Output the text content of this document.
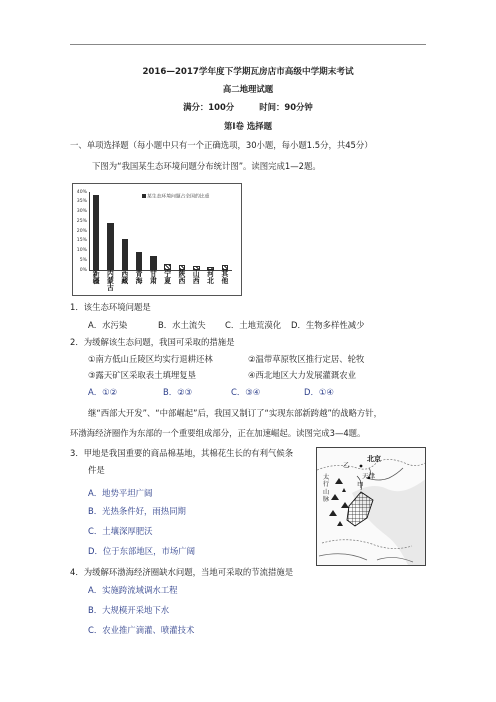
2016—2017学年度下学期瓦房店市高级中学期末考试
高二地理试题
满分：100分　　　时间：90分钟
第Ⅰ卷 选择题
一、单项选择题（每小题中只有一个正确选项，30小题，每小题1.5分，共45分）
下图为“我国某生态环境问题分布统计图”。读图完成1—2题。
40%
35%
30%
25%
20%
15%
10%
5%
0% 新
疆
内
蒙
古
西
藏
青
海
甘
肃
宁
夏
陕
西
山
西
河
北
其
他
某生态环境问题占全国的比重
1．该生态环境问题是
A．水污染	B．水土流失 C．土地荒漠化 D．生物多样性减少
2．为缓解该生态问题，我国可采取的措施是
①南方低山丘陵区均实行退耕还林	②温带草原牧区推行定居、轮牧
③露天矿区采取表土填埋复垦	④西北地区大力发展灌溉农业
A．①②	B．②③	C．③④	D．①④
继“西部大开发”、“中部崛起”后，我国又制订了“实现东部新跨越”的战略方针，
环渤海经济圈作为东部的一个重要组成部分，正在加速崛起。读图完成3—4题。
3．甲地是我国重要的商品棉基地，其棉花生长的有利气候条
件是
A．地势平坦广阔
B．光热条件好，雨热同期
C．土壤深厚肥沃
D．位于东部地区，市场广阔
4．为缓解环渤海经济圈缺水问题，当地可采取的节流措施是
A．实施跨流域调水工程
B．大规模开采地下水
C．农业推广滴灌、喷灌技术
北京
乙
天津
甲
太行山脉
